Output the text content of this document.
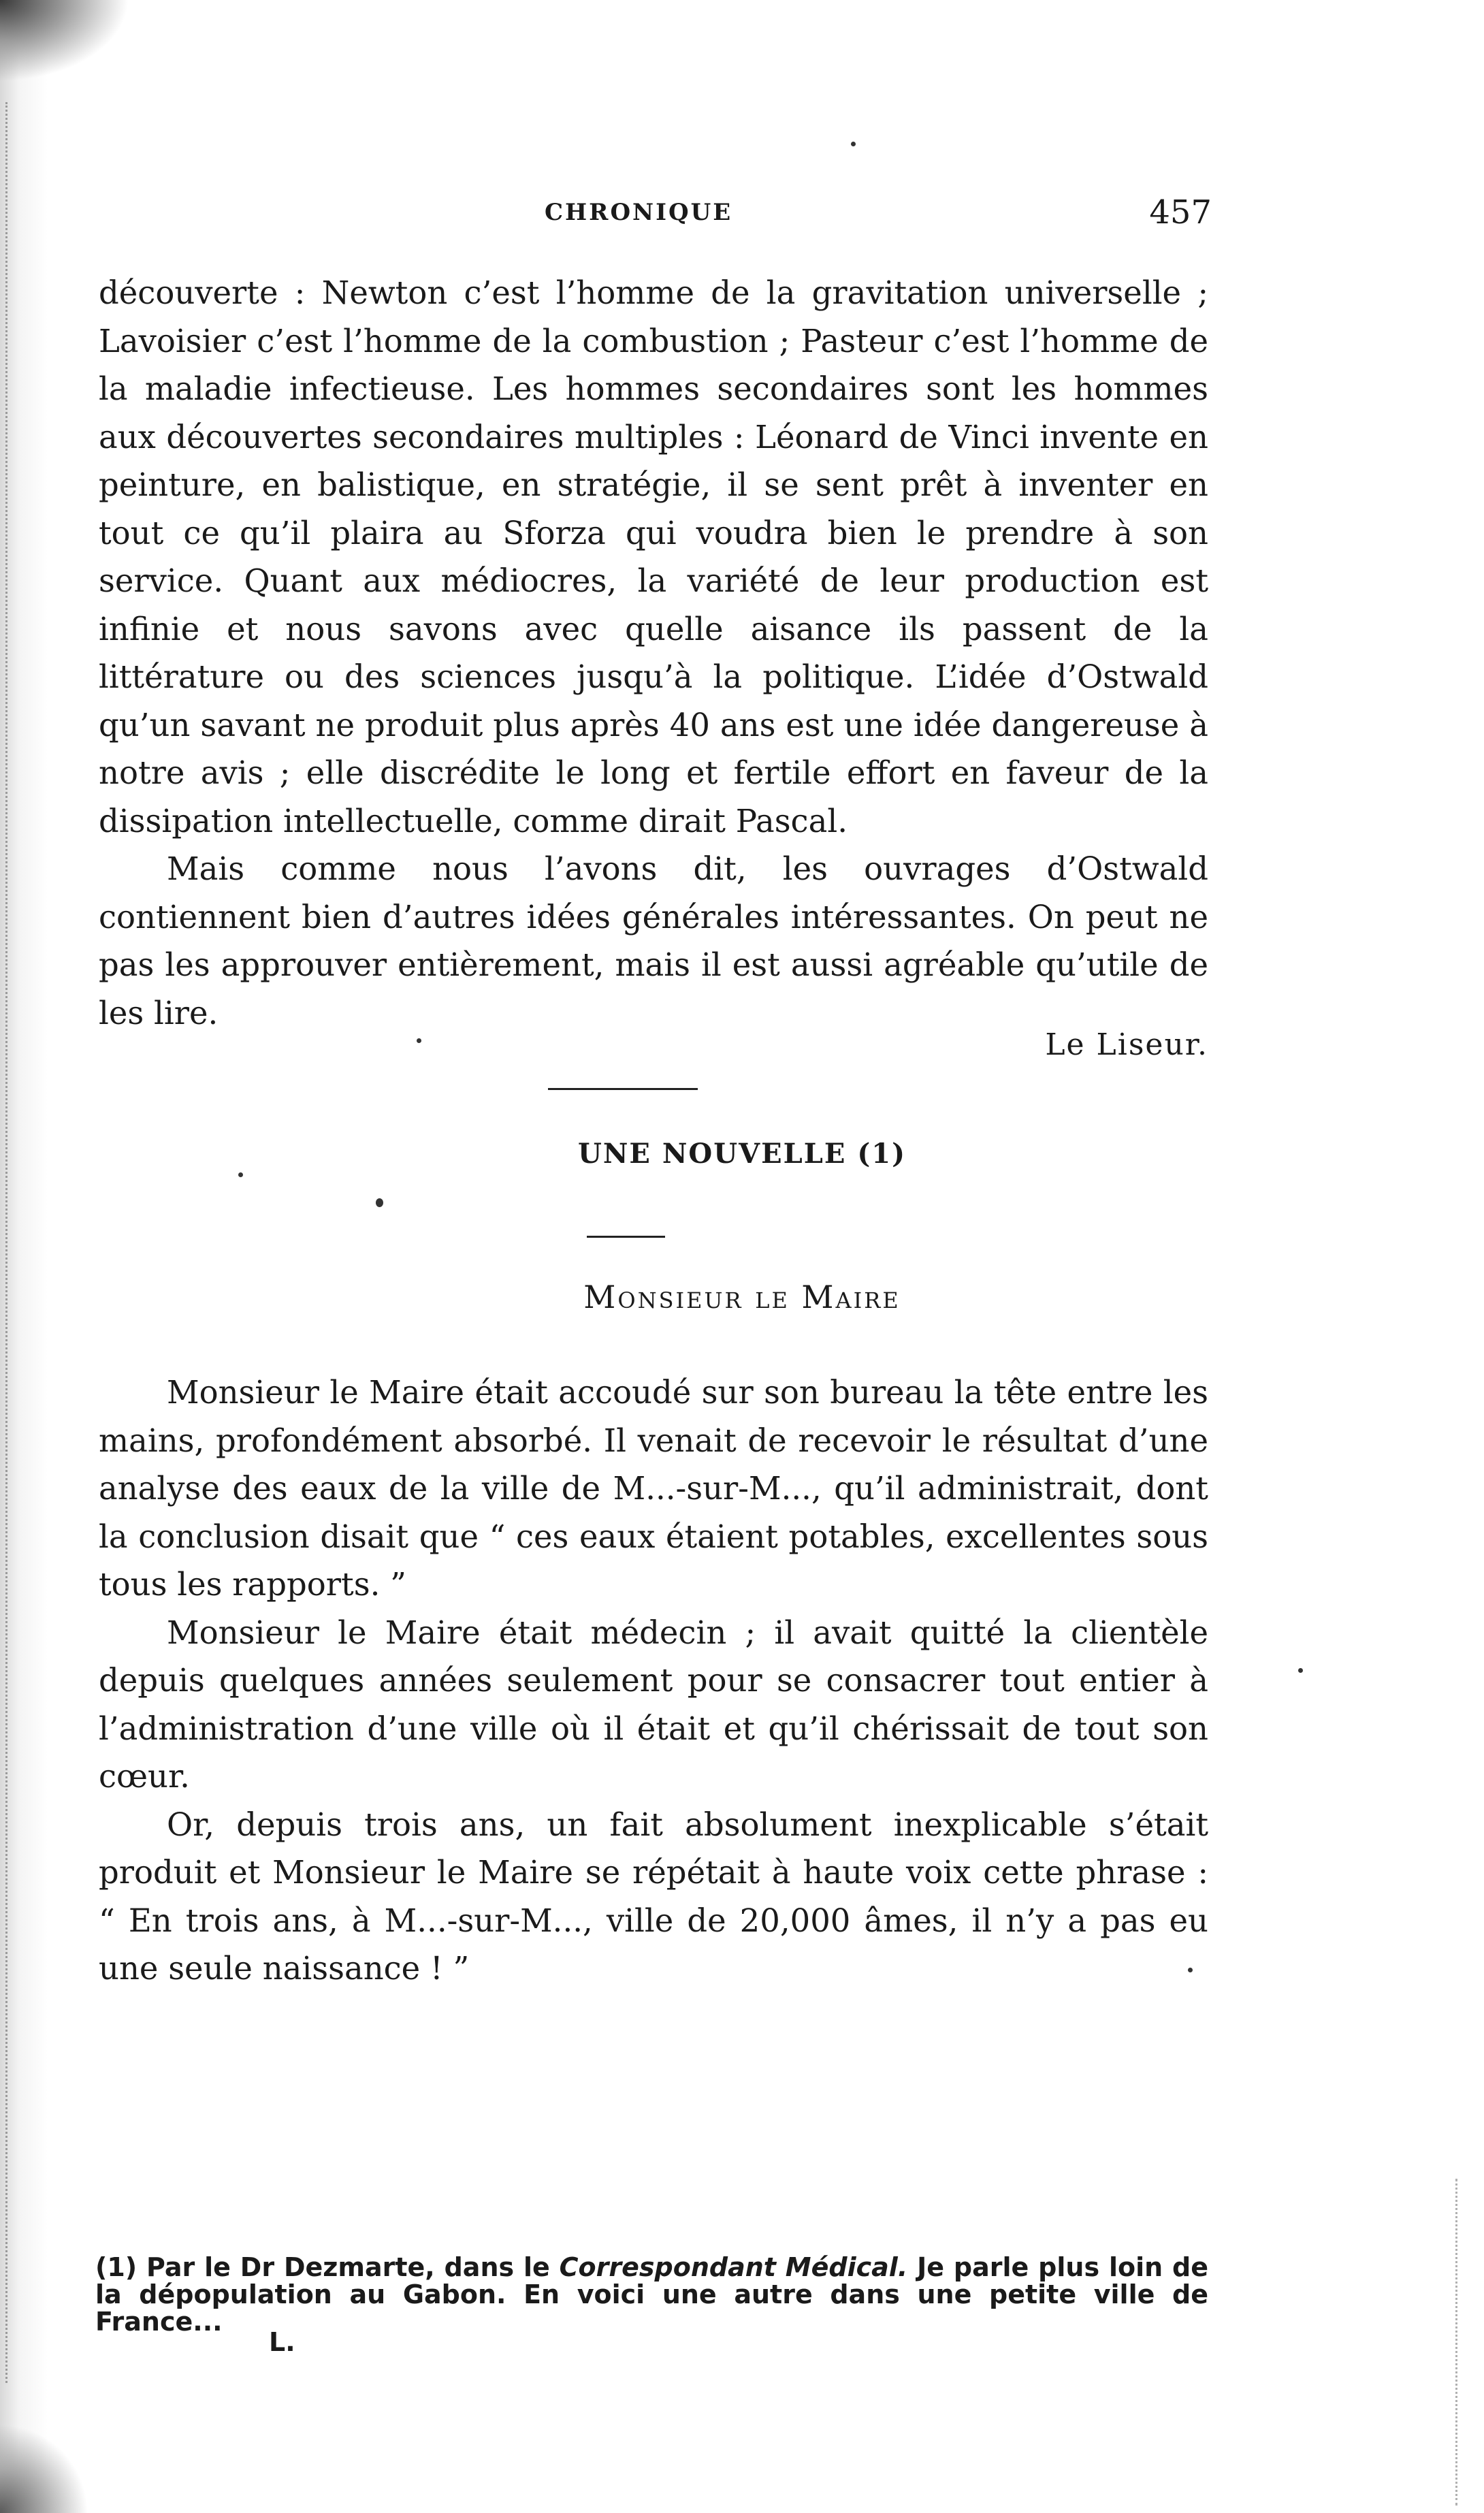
CHRONIQUE	457

découverte : Newton c’est l’homme de la gravitation universelle ; Lavoisier c’est l’homme de la combustion ; Pasteur c’est l’homme de la maladie infectieuse. Les hommes secondaires sont les hommes aux découvertes secondaires multiples : Léonard de Vinci invente en peinture, en balistique, en stratégie, il se sent prêt à inventer en tout ce qu’il plaira au Sforza qui voudra bien le prendre à son service. Quant aux médiocres, la variété de leur production est infinie et nous savons avec quelle aisance ils passent de la littérature ou des sciences jusqu’à la politique. L’idée d’Ostwald qu’un savant ne produit plus après 40 ans est une idée dangereuse à notre avis ; elle discrédite le long et fertile effort en faveur de la dissipation intellectuelle, comme dirait Pascal.

Mais comme nous l’avons dit, les ouvrages d’Ostwald contiennent bien d’autres idées générales intéressantes. On peut ne pas les approuver entièrement, mais il est aussi agréable qu’utile de les lire.

Le Liseur.
UNE NOUVELLE (1)
Monsieur le Maire

Monsieur le Maire était accoudé sur son bureau la tête entre les mains, profondément absorbé. Il venait de recevoir le résultat d’une analyse des eaux de la ville de M...-sur-M..., qu’il administrait, dont la conclusion disait que “ ces eaux étaient potables, excellentes sous tous les rapports. ”

Monsieur le Maire était médecin ; il avait quitté la clientèle depuis quelques années seulement pour se consacrer tout entier à l’administration d’une ville où il était et qu’il chérissait de tout son cœur.

Or, depuis trois ans, un fait absolument inexplicable s’était produit et Monsieur le Maire se répétait à haute voix cette phrase : “ En trois ans, à M...-sur-M..., ville de 20,000 âmes, il n’y a pas eu une seule naissance ! ”

(1) Par le Dr Dezmarte, dans le Correspondant Médical. Je parle plus loin de la dépopulation au Gabon. En voici une autre dans une petite ville de France...

L.
